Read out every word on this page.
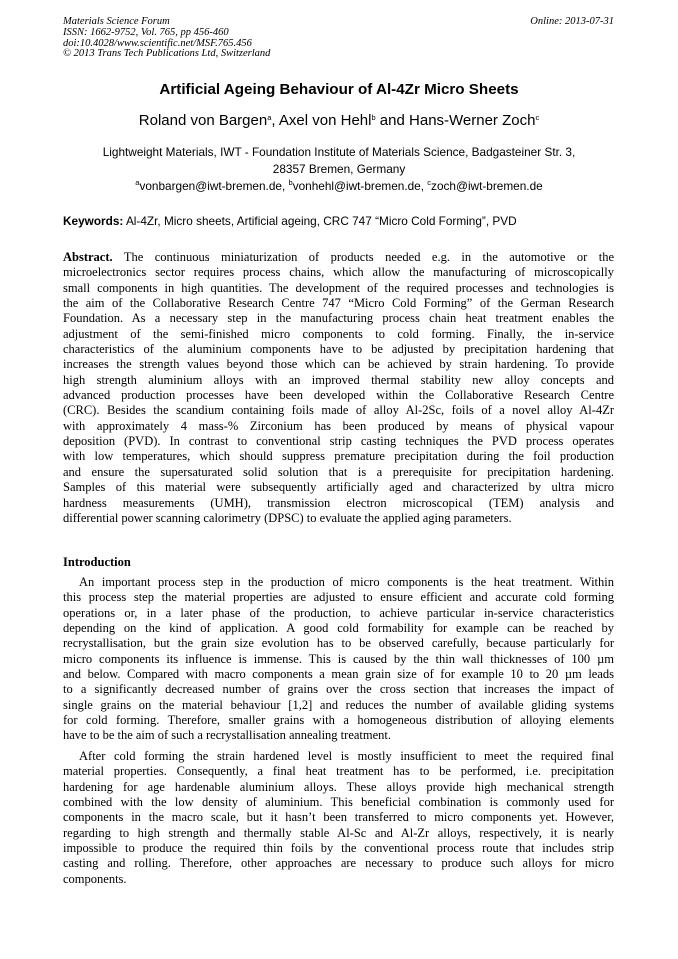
Materials Science Forum
ISSN: 1662-9752, Vol. 765, pp 456-460
doi:10.4028/www.scientific.net/MSF.765.456
© 2013 Trans Tech Publications Ltd, Switzerland
Online: 2013-07-31
Artificial Ageing Behaviour of Al-4Zr Micro Sheets
Roland von Bargen$^a$, Axel von Hehl$^b$ and Hans-Werner Zoch$^c$
Lightweight Materials, IWT - Foundation Institute of Materials Science, Badgasteiner Str. 3,
28357 Bremen, Germany
$^a$vonbargen@iwt-bremen.de, $^b$vonhehl@iwt-bremen.de, $^c$zoch@iwt-bremen.de
Keywords: Al-4Zr, Micro sheets, Artificial ageing, CRC 747 “Micro Cold Forming”, PVD
Abstract. The continuous miniaturization of products needed e.g. in the automotive or the
microelectronics sector requires process chains, which allow the manufacturing of microscopically
small components in high quantities. The development of the required processes and technologies is
the aim of the Collaborative Research Centre 747 “Micro Cold Forming” of the German Research
Foundation. As a necessary step in the manufacturing process chain heat treatment enables the
adjustment of the semi-finished micro components to cold forming. Finally, the in-service
characteristics of the aluminium components have to be adjusted by precipitation hardening that
increases the strength values beyond those which can be achieved by strain hardening. To provide
high strength aluminium alloys with an improved thermal stability new alloy concepts and
advanced production processes have been developed within the Collaborative Research Centre
(CRC). Besides the scandium containing foils made of alloy Al-2Sc, foils of a novel alloy Al-4Zr
with approximately 4 mass-% Zirconium has been produced by means of physical vapour
deposition (PVD). In contrast to conventional strip casting techniques the PVD process operates
with low temperatures, which should suppress premature precipitation during the foil production
and ensure the supersaturated solid solution that is a prerequisite for precipitation hardening.
Samples of this material were subsequently artificially aged and characterized by ultra micro
hardness measurements (UMH), transmission electron microscopical (TEM) analysis and
differential power scanning calorimetry (DPSC) to evaluate the applied aging parameters.
Introduction
An important process step in the production of micro components is the heat treatment. Within
this process step the material properties are adjusted to ensure efficient and accurate cold forming
operations or, in a later phase of the production, to achieve particular in-service characteristics
depending on the kind of application. A good cold formability for example can be reached by
recrystallisation, but the grain size evolution has to be observed carefully, because particularly for
micro components its influence is immense. This is caused by the thin wall thicknesses of 100 µm
and below. Compared with macro components a mean grain size of for example 10 to 20 µm leads
to a significantly decreased number of grains over the cross section that increases the impact of
single grains on the material behaviour [1,2] and reduces the number of available gliding systems
for cold forming. Therefore, smaller grains with a homogeneous distribution of alloying elements
have to be the aim of such a recrystallisation annealing treatment.
After cold forming the strain hardened level is mostly insufficient to meet the required final
material properties. Consequently, a final heat treatment has to be performed, i.e. precipitation
hardening for age hardenable aluminium alloys. These alloys provide high mechanical strength
combined with the low density of aluminium. This beneficial combination is commonly used for
components in the macro scale, but it hasn’t been transferred to micro components yet. However,
regarding to high strength and thermally stable Al-Sc and Al-Zr alloys, respectively, it is nearly
impossible to produce the required thin foils by the conventional process route that includes strip
casting and rolling. Therefore, other approaches are necessary to produce such alloys for micro
components.
